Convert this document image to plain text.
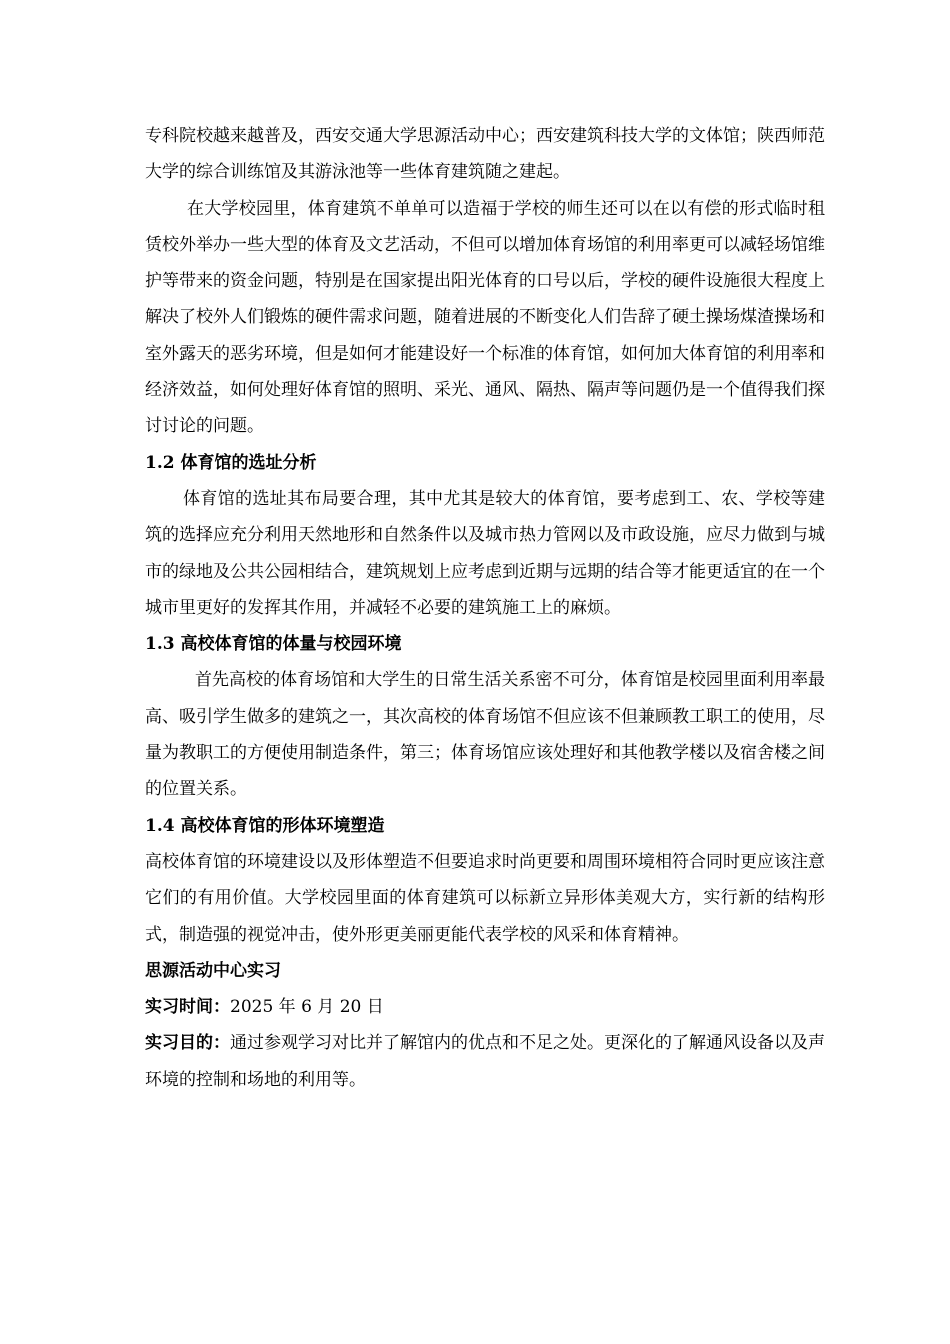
专科院校越来越普及，西安交通大学思源活动中心；西安建筑科技大学的文体馆；陕西师范大学的综合训练馆及其游泳池等一些体育建筑随之建起。

在大学校园里，体育建筑不单单可以造福于学校的师生还可以在以有偿的形式临时租赁校外举办一些大型的体育及文艺活动，不但可以增加体育场馆的利用率更可以减轻场馆维护等带来的资金问题，特别是在国家提出阳光体育的口号以后，学校的硬件设施很大程度上解决了校外人们锻炼的硬件需求问题，随着进展的不断变化人们告辞了硬土操场煤渣操场和室外露天的恶劣环境，但是如何才能建设好一个标准的体育馆，如何加大体育馆的利用率和经济效益，如何处理好体育馆的照明、采光、通风、隔热、隔声等问题仍是一个值得我们探讨讨论的问题。

1.2 体育馆的选址分析

体育馆的选址其布局要合理，其中尤其是较大的体育馆，要考虑到工、农、学校等建筑的选择应充分利用天然地形和自然条件以及城市热力管网以及市政设施，应尽力做到与城市的绿地及公共公园相结合，建筑规划上应考虑到近期与远期的结合等才能更适宜的在一个城市里更好的发挥其作用，并减轻不必要的建筑施工上的麻烦。

1.3 高校体育馆的体量与校园环境

首先高校的体育场馆和大学生的日常生活关系密不可分，体育馆是校园里面利用率最高、吸引学生做多的建筑之一，其次高校的体育场馆不但应该不但兼顾教工职工的使用，尽量为教职工的方便使用制造条件，第三；体育场馆应该处理好和其他教学楼以及宿舍楼之间的位置关系。

1.4 高校体育馆的形体环境塑造

高校体育馆的环境建设以及形体塑造不但要追求时尚更要和周围环境相符合同时更应该注意它们的有用价值。大学校园里面的体育建筑可以标新立异形体美观大方，实行新的结构形式，制造强的视觉冲击，使外形更美丽更能代表学校的风采和体育精神。

思源活动中心实习

实习时间：2025 年 6 月 20 日

实习目的：通过参观学习对比并了解馆内的优点和不足之处。更深化的了解通风设备以及声环境的控制和场地的利用等。
